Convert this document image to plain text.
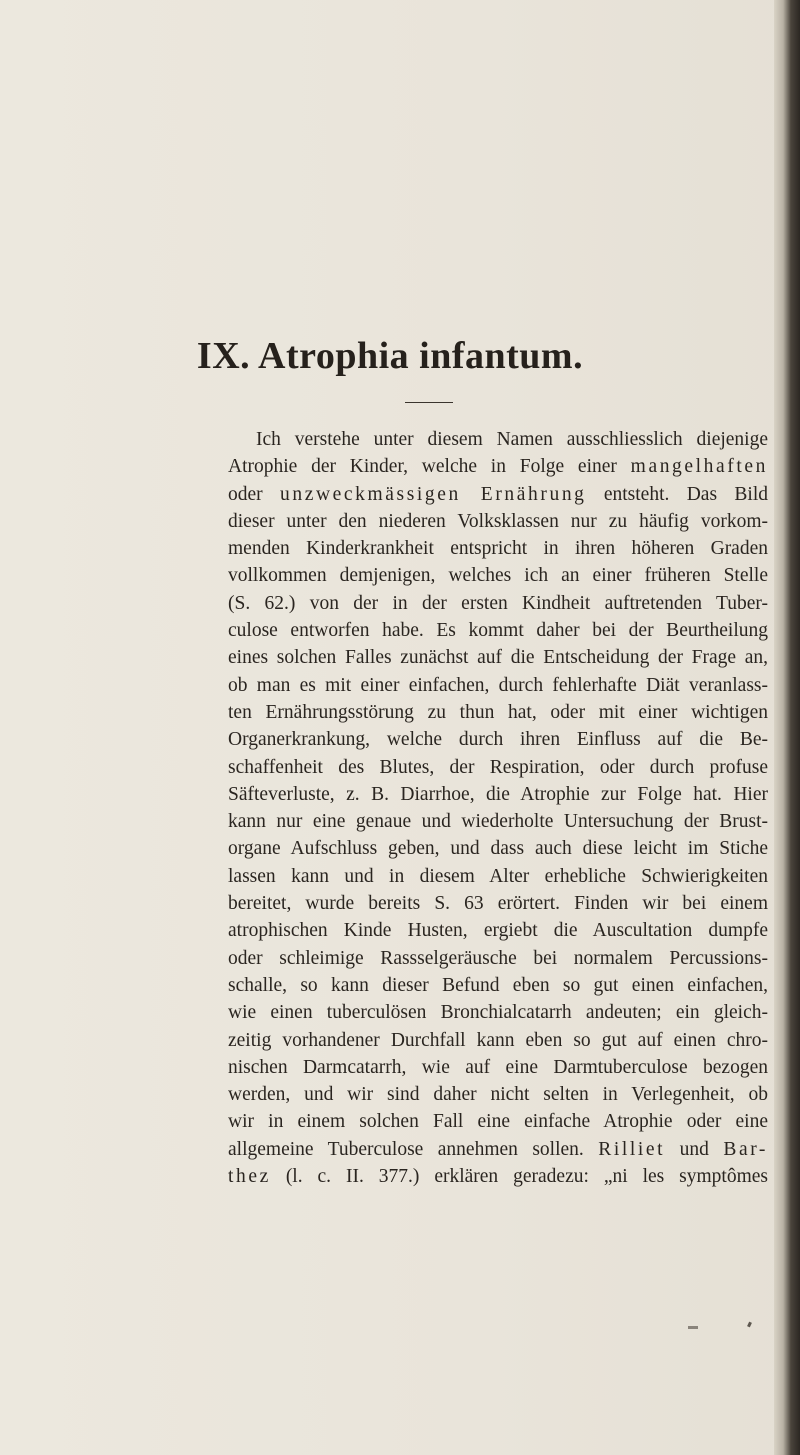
IX. Atrophia infantum.

Ich verstehe unter diesem Namen ausschliesslich diejenige
Atrophie der Kinder, welche in Folge einer mangelhaften
oder unzweckmässigen Ernährung entsteht. Das Bild
dieser unter den niederen Volksklassen nur zu häufig vorkom-
menden Kinderkrankheit entspricht in ihren höheren Graden
vollkommen demjenigen, welches ich an einer früheren Stelle
(S. 62.) von der in der ersten Kindheit auftretenden Tuber-
culose entworfen habe. Es kommt daher bei der Beurtheilung
eines solchen Falles zunächst auf die Entscheidung der Frage an,
ob man es mit einer einfachen, durch fehlerhafte Diät veranlass-
ten Ernährungsstörung zu thun hat, oder mit einer wichtigen
Organerkrankung, welche durch ihren Einfluss auf die Be-
schaffenheit des Blutes, der Respiration, oder durch profuse
Säfteverluste, z. B. Diarrhoe, die Atrophie zur Folge hat. Hier
kann nur eine genaue und wiederholte Untersuchung der Brust-
organe Aufschluss geben, und dass auch diese leicht im Stiche
lassen kann und in diesem Alter erhebliche Schwierigkeiten
bereitet, wurde bereits S. 63 erörtert. Finden wir bei einem
atrophischen Kinde Husten, ergiebt die Auscultation dumpfe
oder schleimige Rassselgeräusche bei normalem Percussions-
schalle, so kann dieser Befund eben so gut einen einfachen,
wie einen tuberculösen Bronchialcatarrh andeuten; ein gleich-
zeitig vorhandener Durchfall kann eben so gut auf einen chro-
nischen Darmcatarrh, wie auf eine Darmtuberculose bezogen
werden, und wir sind daher nicht selten in Verlegenheit, ob
wir in einem solchen Fall eine einfache Atrophie oder eine
allgemeine Tuberculose annehmen sollen. Rilliet und Bar-
thez (l. c. II. 377.) erklären geradezu: „ni les symptômes
